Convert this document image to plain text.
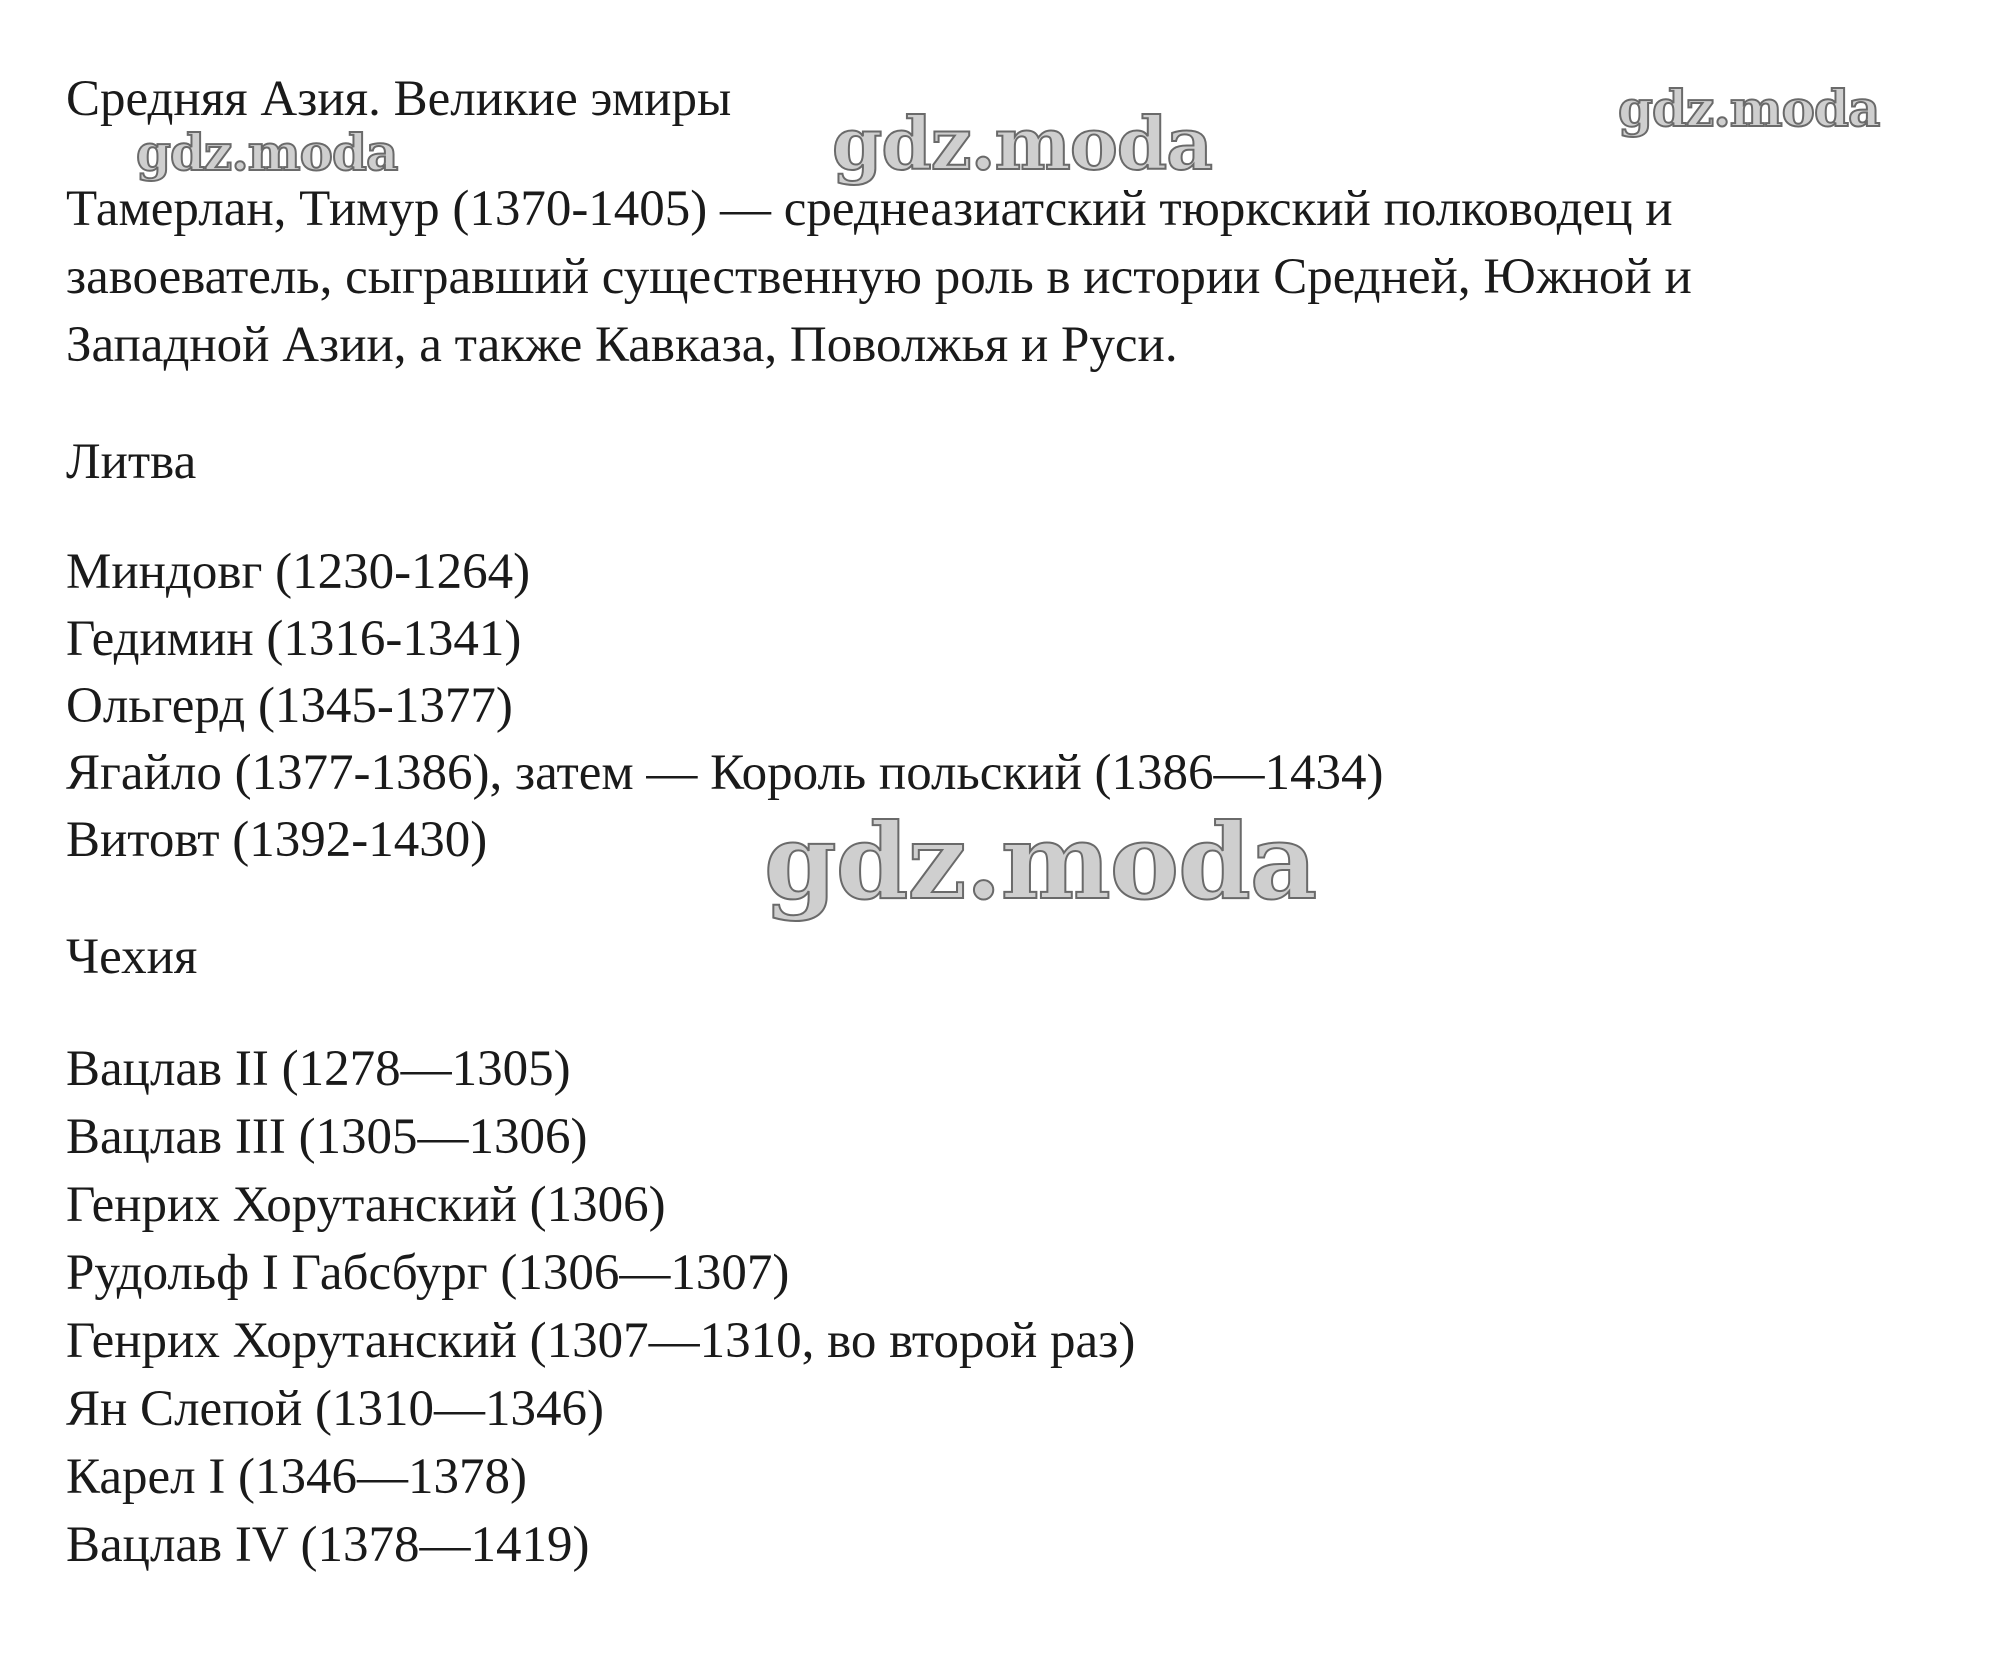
Средняя Азия. Великие эмиры
Тамерлан, Тимур (1370-1405) — среднеазиатский тюркский полководец и
завоеватель, сыгравший существенную роль в истории Средней, Южной и
Западной Азии, а также Кавказа, Поволжья и Руси.
Литва
Миндовг (1230-1264)
Гедимин (1316-1341)
Ольгерд (1345-1377)
Ягайло (1377-1386), затем — Король польский (1386—1434)
Витовт (1392-1430)
Чехия
Вацлав II (1278—1305)
Вацлав III (1305—1306)
Генрих Хорутанский (1306)
Рудольф I Габсбург (1306—1307)
Генрих Хорутанский (1307—1310, во второй раз)
Ян Слепой (1310—1346)
Карел I (1346—1378)
Вацлав IV (1378—1419)
gdz.moda	gdz.moda	gdz.moda
gdz.moda
